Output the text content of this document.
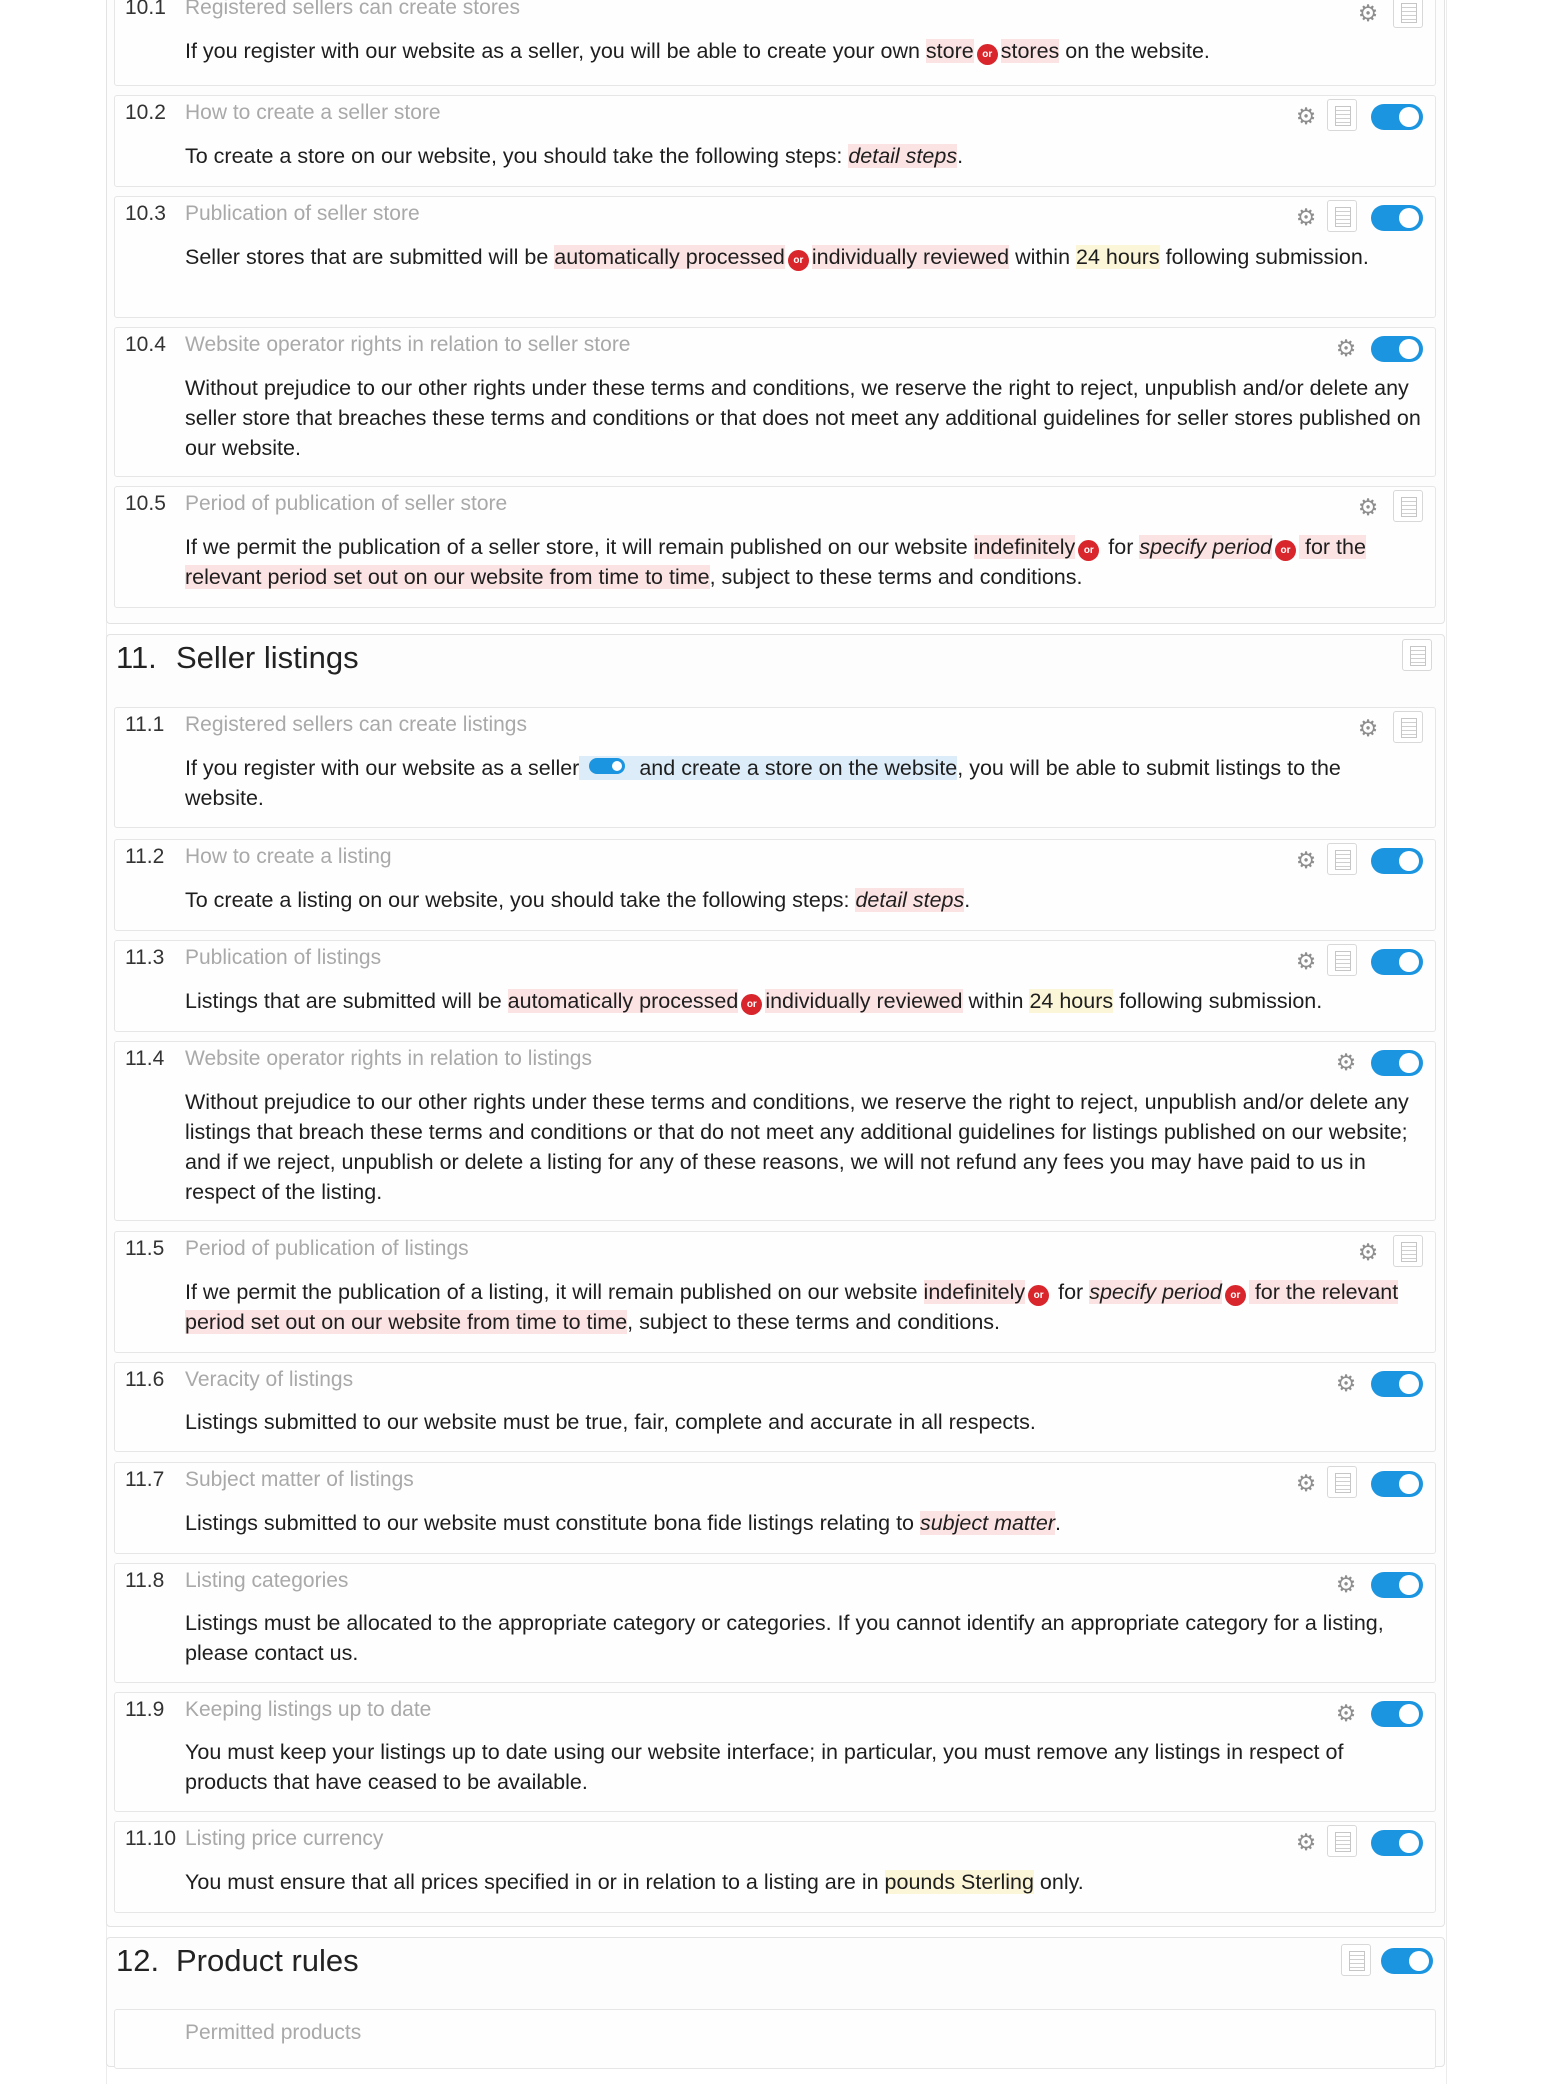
10.1 Registered sellers can create stores	⚙
If you register with our website as a seller, you will be able to create your own store or stores on the website.
10.2 How to create a seller store	⚙
To create a store on our website, you should take the following steps: detail steps.
10.3 Publication of seller store	⚙
Seller stores that are submitted will be automatically processed or individually reviewed within 24 hours following submission.
10.4 Website operator rights in relation to seller store	⚙
Without prejudice to our other rights under these terms and conditions, we reserve the right to reject, unpublish and/or delete any seller store that breaches these terms and conditions or that does not meet any additional guidelines for seller stores published on our website.
10.5 Period of publication of seller store	⚙
If we permit the publication of a seller store, it will remain published on our website indefinitely or for specify period or for the relevant period set out on our website from time to time, subject to these terms and conditions.
11. Seller listings
11.1 Registered sellers can create listings	⚙
If you register with our website as a seller	and create a store on the website, you will be able to submit listings to the website.
11.2 How to create a listing	⚙
To create a listing on our website, you should take the following steps: detail steps.
11.3 Publication of listings	⚙
Listings that are submitted will be automatically processed or individually reviewed within 24 hours following submission.
11.4 Website operator rights in relation to listings	⚙
Without prejudice to our other rights under these terms and conditions, we reserve the right to reject, unpublish and/or delete any listings that breach these terms and conditions or that do not meet any additional guidelines for listings published on our website; and if we reject, unpublish or delete a listing for any of these reasons, we will not refund any fees you may have paid to us in respect of the listing.
11.5 Period of publication of listings	⚙
If we permit the publication of a listing, it will remain published on our website indefinitely or for specify period or for the relevant period set out on our website from time to time, subject to these terms and conditions.
11.6 Veracity of listings	⚙
Listings submitted to our website must be true, fair, complete and accurate in all respects.
11.7 Subject matter of listings	⚙
Listings submitted to our website must constitute bona fide listings relating to subject matter.
11.8 Listing categories	⚙
Listings must be allocated to the appropriate category or categories. If you cannot identify an appropriate category for a listing, please contact us.
11.9 Keeping listings up to date	⚙
You must keep your listings up to date using our website interface; in particular, you must remove any listings in respect of products that have ceased to be available.
11.10 Listing price currency	⚙
You must ensure that all prices specified in or in relation to a listing are in pounds Sterling only.
12. Product rules
Permitted products
